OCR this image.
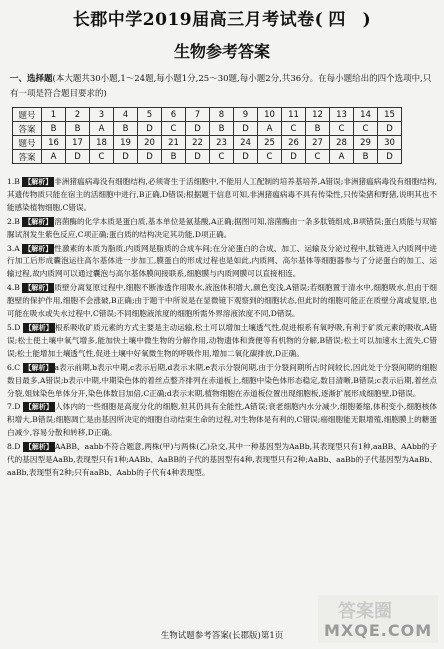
长郡中学2019届高三月考试卷( 四 )
生物参考答案
一、选择题(本大题共30小题,1～24题,每小题1分,25～30题,每小题2分,共36分。在每小题给出的四个选项中,只有一项是符合题目要求的)
题号	1	2	3	4	5	6	7	8	9	10	11	12	13	14	15
答案	B	B	A	B	D	C	D	B	D	A	C	B	C	C	D
题号	16	17	18	19	20	21	22	23	24	25	26	27	28	29	30
答案	A	D	C	D	D	B	D	C	D	C	D	C	A	B	D
1.B 【解析】 非洲猪瘟病毒没有细胞结构,必须寄生于活细胞中,不能用人工配制的培养基培养,A错误;非洲猪瘟病毒没有细胞结构,其遗传物质只能在宿主的活细胞中进行,B正确,D错误;根据题干信息可知,非洲猪瘟病毒不具有传染性,只传染猪和野猪,说明其也不能感染植物细胞,C错误。
2.B 【解析】 溶菌酶的化学本质是蛋白质,基本单位是氨基酸,A正确;据图可知,溶菌酶由一条多肽链组成,B项错误;蛋白质能与双缩脲试剂发生紫色反应,C项正确;蛋白质的结构决定其功能,D项正确。
3.A 【解析】 性激素的本质为脂质,内质网是脂质的合成车间;在分泌蛋白的合成、加工、运输及分泌过程中,肽链进入内质网中进行加工后形成囊泡运往高尔基体进一步加工,膜蛋白的形成过程也是如此,内质网、高尔基体等细胞器参与了分泌蛋白的加工、运输过程,故内质网可以通过囊泡与高尔基体膜间接联系,细胞膜与内质网膜可以直接相连。
4.B 【解析】 质壁分离复原过程中,细胞不断渗透作用吸水,液泡体积增大,颜色变浅,A错误;若细胞置于清水中,细胞吸水,但由于细胞壁的保护作用,细胞不会涨破,B正确;由于题干中所说是在显微镜下观察到的细胞状态,但此时的细胞可能正在质壁分离或复原,也可能在吸水或失水过程中,C错误;不同细胞液浓度的细胞所需外界溶液浓度不同,D错误。
5.D 【解析】 根系吸收矿质元素的方式主要是主动运输,松土可以增加土壤透气性,促进根系有氧呼吸,有利于矿质元素的吸收,A错误;松土使土壤中氧气增多,能加快土壤中微生物的分解作用,动物遗体和粪便等有机物的分解,B错误;松土可以加速水土流失,C错误;松土能增加土壤透气性,促进土壤中好氧微生物的呼吸作用,增加二氧化碳排放,D正确。
6.C 【解析】 a表示前期,b表示中期,c表示后期,d表示末期,e表示分裂间期,由于分裂间期所占时间较长,因此处于分裂间期的细胞数目最多,A错误;b表示中期,中期染色体的着丝点整齐排列在赤道板上,细胞中染色体形态稳定,数目清晰,B错误;c表示后期,着丝点分裂,姐妹染色单体分开,染色体数目加倍,C正确;d表示末期,植物细胞在赤道板位置出现细胞板,逐渐扩展形成细胞壁,D错误。
7.D 【解析】 人体内的一些细胞是高度分化的细胞,但其仍具有全能性,A错误;衰老细胞内水分减少,细胞萎缩,体积变小,细胞核体积增大,B错误;细胞凋亡是由基因所决定的细胞自动结束生命的过程,对生物体是有利的,C错误;癌细胞能无限增殖,细胞膜上的糖蛋白减少,容易分散和转移,D正确。
8.D 【解析】 AABB、aabb不符合题意,两株(甲)与两株(乙)杂交,其中一种基因型为AaBb,其表现型只有1种,aaBB、AAbb的子代的基因型是AaBb,表现型只有1种;AABb、AaBB的子代的基因型有4种,表现型只有2种;AaBb、aaBb的子代基因型为AaBb、aaBb,表现型有2种;只有aaBb、Aabb的子代有4种表现型。
答案圈
MXQE.COM
生物试题参考答案(长郡版)第1页
